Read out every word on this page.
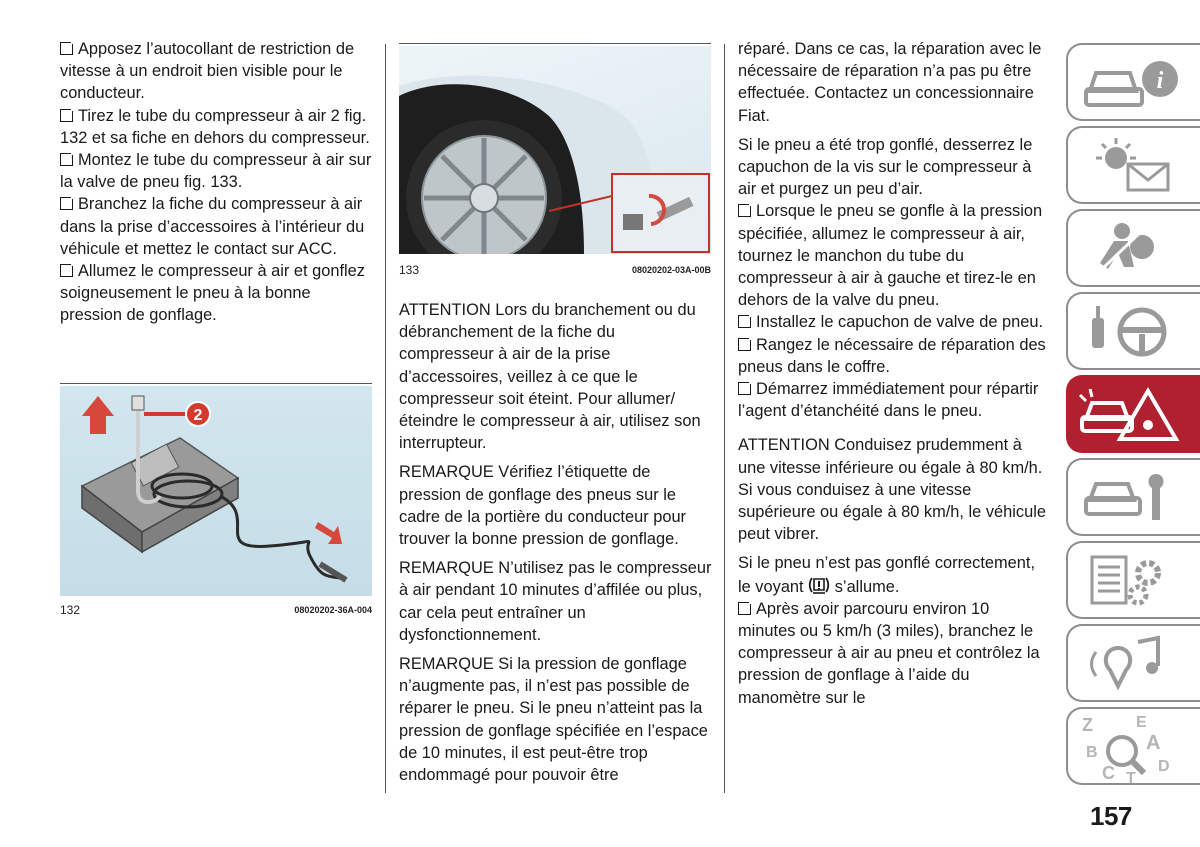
Apposez l’autocollant de restriction de vitesse à un endroit bien visible pour le conducteur.

Tirez le tube du compresseur à air 2 fig. 132 et sa fiche en dehors du compresseur.

Montez le tube du compresseur à air sur la valve de pneu fig. 133.

Branchez la fiche du compresseur à air dans la prise d’accessoires à l’intérieur du véhicule et mettez le contact sur ACC.

Allumez le compresseur à air et gonflez soigneusement le pneu à la bonne pression de gonflage.

2
132	08020202-36A-004
133	08020202-03A-00B

ATTENTION Lors du branchement ou du débranchement de la fiche du compresseur à air de la prise d’accessoires, veillez à ce que le compresseur soit éteint. Pour allumer/éteindre le compresseur à air, utilisez son interrupteur.

REMARQUE Vérifiez l’étiquette de pression de gonflage des pneus sur le cadre de la portière du conducteur pour trouver la bonne pression de gonflage.

REMARQUE N’utilisez pas le compresseur à air pendant 10 minutes d’affilée ou plus, car cela peut entraîner un dysfonctionnement.

REMARQUE Si la pression de gonflage n’augmente pas, il n’est pas possible de réparer le pneu. Si le pneu n’atteint pas la pression de gonflage spécifiée en l’espace de 10 minutes, il est peut-être trop endommagé pour pouvoir être

réparé. Dans ce cas, la réparation avec le nécessaire de réparation n’a pas pu être effectuée. Contactez un concessionnaire Fiat.

Si le pneu a été trop gonflé, desserrez le capuchon de la vis sur le compresseur à air et purgez un peu d’air.

Lorsque le pneu se gonfle à la pression spécifiée, allumez le compresseur à air, tournez le manchon du tube du compresseur à air à gauche et tirez-le en dehors de la valve du pneu.

Installez le capuchon de valve de pneu.

Rangez le nécessaire de réparation des pneus dans le coffre.

Démarrez immédiatement pour répartir l’agent d’étanchéité dans le pneu.

ATTENTION Conduisez prudemment à une vitesse inférieure ou égale à 80 km/h. Si vous conduisez à une vitesse supérieure ou égale à 80 km/h, le véhicule peut vibrer.

Si le pneu n’est pas gonflé correctement, le voyant s’allume.

Après avoir parcouru environ 10 minutes ou 5 km/h (3 miles), branchez le compresseur à air au pneu et contrôlez la pression de gonflage à l’aide du manomètre sur le

i
Z	E
B A
C T
D
157
